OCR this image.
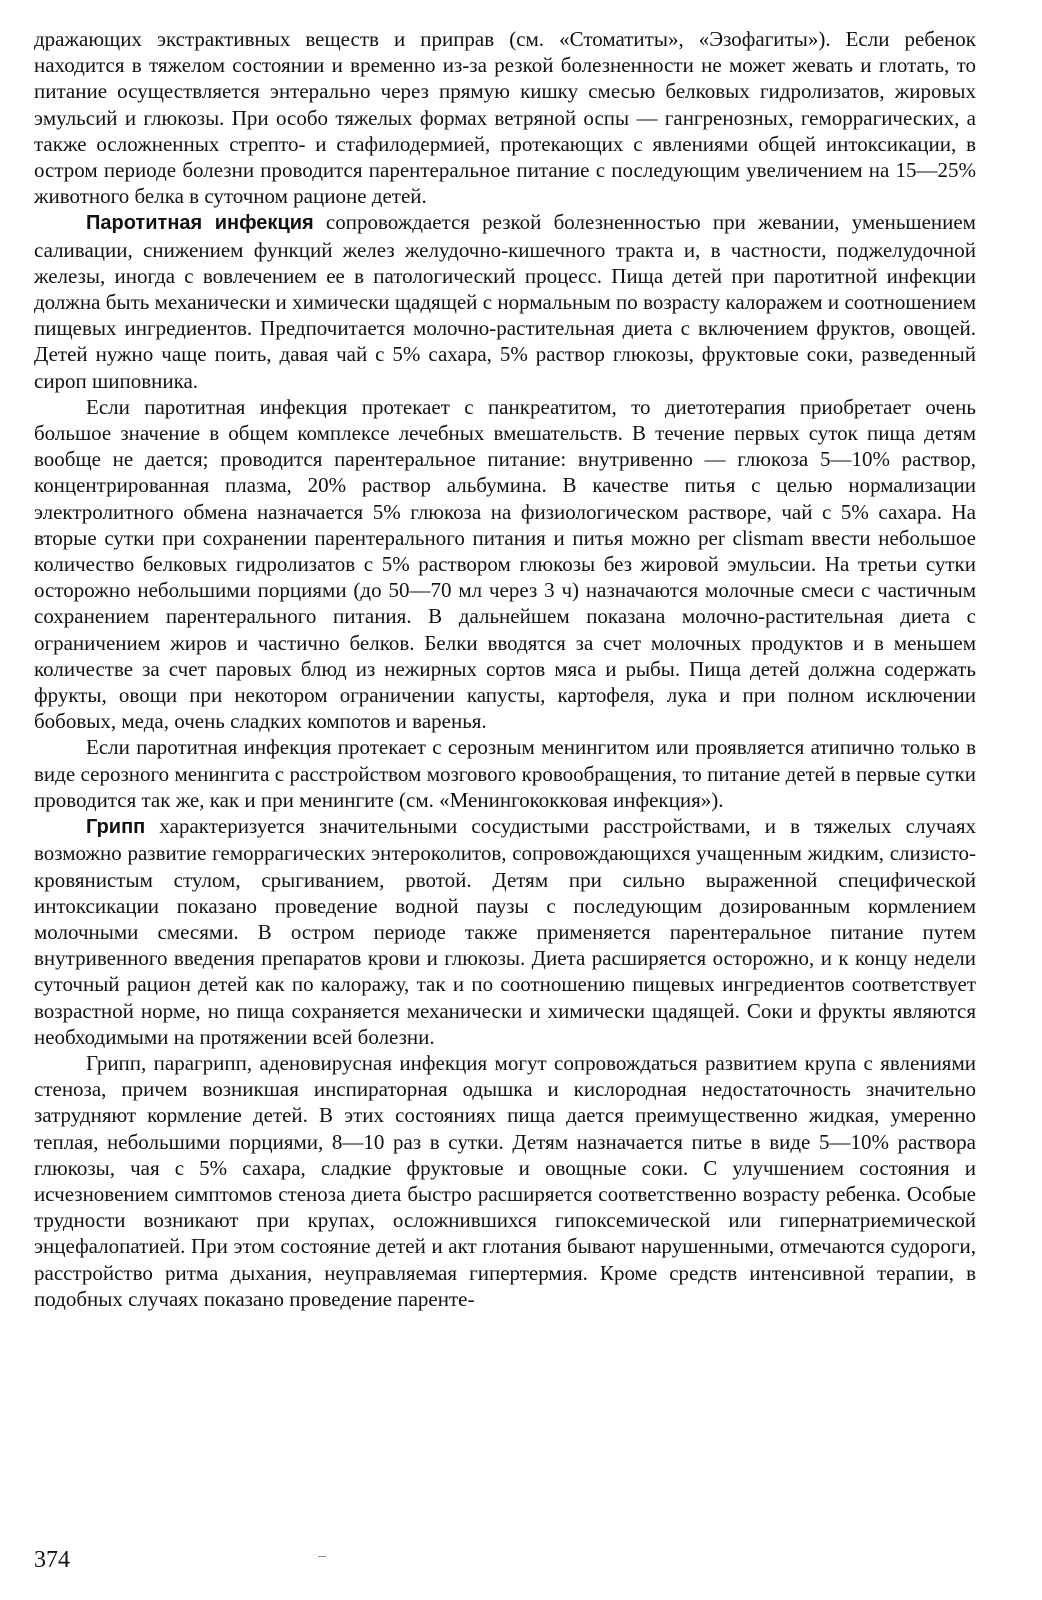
дражающих экстрактивных веществ и приправ (см. «Стоматиты», «Эзофагиты»). Если ребенок находится в тяжелом состоянии и временно из-за резкой болезненности не может жевать и глотать, то питание осуществляется энтерально через прямую кишку смесью белковых гидролизатов, жировых эмульсий и глюкозы. При особо тяжелых формах ветряной оспы — гангренозных, геморрагических, а также осложненных стрепто- и стафилодермией, протекающих с явлениями общей интоксикации, в остром периоде болезни проводится парентеральное питание с последующим увеличением на 15—25% животного белка в суточном рационе детей.

Паротитная инфекция сопровождается резкой болезненностью при жевании, уменьшением саливации, снижением функций желез желудочно-кишечного тракта и, в частности, поджелудочной железы, иногда с вовлечением ее в патологический процесс. Пища детей при паротитной инфекции должна быть механически и химически щадящей с нормальным по возрасту калоражем и соотношением пищевых ингредиентов. Предпочитается молочно-растительная диета с включением фруктов, овощей. Детей нужно чаще поить, давая чай с 5% сахара, 5% раствор глюкозы, фруктовые соки, разведенный сироп шиповника.

Если паротитная инфекция протекает с панкреатитом, то диетотерапия приобретает очень большое значение в общем комплексе лечебных вмешательств. В течение первых суток пища детям вообще не дается; проводится парентеральное питание: внутривенно — глюкоза 5—10% раствор, концентрированная плазма, 20% раствор альбумина. В качестве питья с целью нормализации электролитного обмена назначается 5% глюкоза на физиологическом растворе, чай с 5% сахара. На вторые сутки при сохранении парентерального питания и питья можно per clismam ввести небольшое количество белковых гидролизатов с 5% раствором глюкозы без жировой эмульсии. На третьи сутки осторожно небольшими порциями (до 50—70 мл через 3 ч) назначаются молочные смеси с частичным сохранением парентерального питания. В дальнейшем показана молочно-растительная диета с ограничением жиров и частично белков. Белки вводятся за счет молочных продуктов и в меньшем количестве за счет паровых блюд из нежирных сортов мяса и рыбы. Пища детей должна содержать фрукты, овощи при некотором ограничении капусты, картофеля, лука и при полном исключении бобовых, меда, очень сладких компотов и варенья.

Если паротитная инфекция протекает с серозным менингитом или проявляется атипично только в виде серозного менингита с расстройством мозгового кровообращения, то питание детей в первые сутки проводится так же, как и при менингите (см. «Менингококковая инфекция»).

Грипп характеризуется значительными сосудистыми расстройствами, и в тяжелых случаях возможно развитие геморрагических энтероколитов, сопровождающихся учащенным жидким, слизисто-кровянистым стулом, срыгиванием, рвотой. Детям при сильно выраженной специфической интоксикации показано проведение водной паузы с последующим дозированным кормлением молочными смесями. В остром периоде также применяется парентеральное питание путем внутривенного введения препаратов крови и глюкозы. Диета расширяется осторожно, и к концу недели суточный рацион детей как по калоражу, так и по соотношению пищевых ингредиентов соответствует возрастной норме, но пища сохраняется механически и химически щадящей. Соки и фрукты являются необходимыми на протяжении всей болезни.

Грипп, парагрипп, аденовирусная инфекция могут сопровождаться развитием крупа с явлениями стеноза, причем возникшая инспираторная одышка и кислородная недостаточность значительно затрудняют кормление детей. В этих состояниях пища дается преимущественно жидкая, умеренно теплая, небольшими порциями, 8—10 раз в сутки. Детям назначается питье в виде 5—10% раствора глюкозы, чая с 5% сахара, сладкие фруктовые и овощные соки. С улучшением состояния и исчезновением симптомов стеноза диета быстро расширяется соответственно возрасту ребенка. Особые трудности возникают при крупах, осложнившихся гипоксемической или гипернатриемической энцефалопатией. При этом состояние детей и акт глотания бывают нарушенными, отмечаются судороги, расстройство ритма дыхания, неуправляемая гипертермия. Кроме средств интенсивной терапии, в подобных случаях показано проведение паренте-

374
